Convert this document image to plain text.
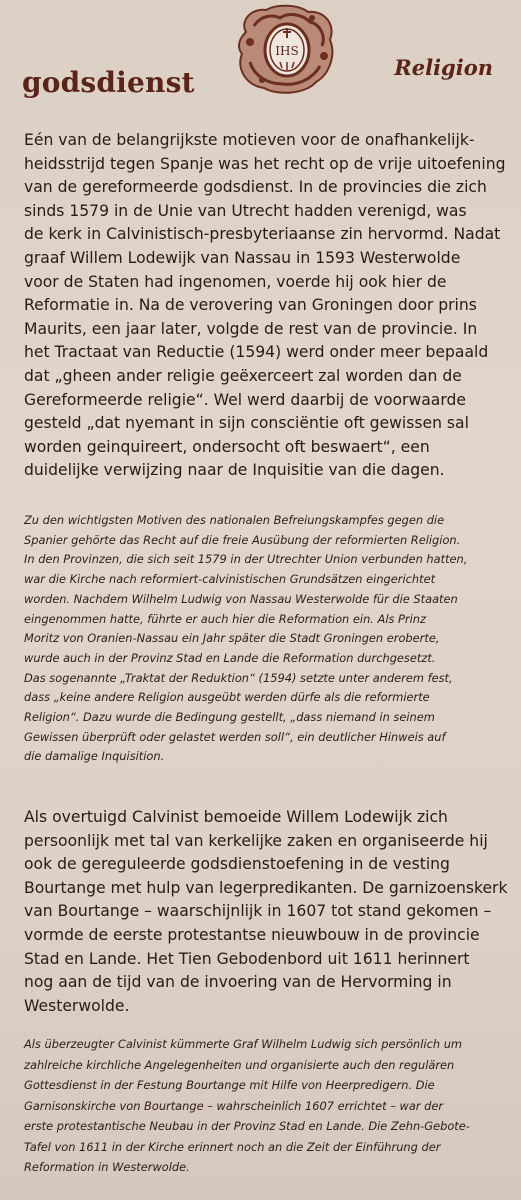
IHS
godsdienst	Religion
Eén van de belangrijkste motieven voor de onafhankelijk-
heidsstrijd tegen Spanje was het recht op de vrije uitoefening
van de gereformeerde godsdienst. In de provincies die zich
sinds 1579 in de Unie van Utrecht hadden verenigd, was
de kerk in Calvinistisch-presbyteriaanse zin hervormd. Nadat
graaf Willem Lodewijk van Nassau in 1593 Westerwolde
voor de Staten had ingenomen, voerde hij ook hier de
Reformatie in. Na de verovering van Groningen door prins
Maurits, een jaar later, volgde de rest van de provincie. In
het Tractaat van Reductie (1594) werd onder meer bepaald
dat „gheen ander religie geëxerceert zal worden dan de
Gereformeerde religie“. Wel werd daarbij de voorwaarde
gesteld „dat nyemant in sijn consciëntie oft gewissen sal
worden geinquireert, ondersocht oft beswaert“, een
duidelijke verwijzing naar de Inquisitie van die dagen.
Zu den wichtigsten Motiven des nationalen Befreiungskampfes gegen die
Spanier gehörte das Recht auf die freie Ausübung der reformierten Religion.
In den Provinzen, die sich seit 1579 in der Utrechter Union verbunden hatten,
war die Kirche nach reformiert-calvinistischen Grundsätzen eingerichtet
worden. Nachdem Wilhelm Ludwig von Nassau Westerwolde für die Staaten
eingenommen hatte, führte er auch hier die Reformation ein. Als Prinz
Moritz von Oranien-Nassau ein Jahr später die Stadt Groningen eroberte,
wurde auch in der Provinz Stad en Lande die Reformation durchgesetzt.
Das sogenannte „Traktat der Reduktion“ (1594) setzte unter anderem fest,
dass „keine andere Religion ausgeübt werden dürfe als die reformierte
Religion“. Dazu wurde die Bedingung gestellt, „dass niemand in seinem
Gewissen überprüft oder gelastet werden soll“, ein deutlicher Hinweis auf
die damalige Inquisition.
Als overtuigd Calvinist bemoeide Willem Lodewijk zich
persoonlijk met tal van kerkelijke zaken en organiseerde hij
ook de gereguleerde godsdienstoefening in de vesting
Bourtange met hulp van legerpredikanten. De garnizoenskerk
van Bourtange – waarschijnlijk in 1607 tot stand gekomen –
vormde de eerste protestantse nieuwbouw in de provincie
Stad en Lande. Het Tien Gebodenbord uit 1611 herinnert
nog aan de tijd van de invoering van de Hervorming in
Westerwolde.
Als überzeugter Calvinist kümmerte Graf Wilhelm Ludwig sich persönlich um
zahlreiche kirchliche Angelegenheiten und organisierte auch den regulären
Gottesdienst in der Festung Bourtange mit Hilfe von Heerpredigern. Die
Garnisonskirche von Bourtange – wahrscheinlich 1607 errichtet – war der
erste protestantische Neubau in der Provinz Stad en Lande. Die Zehn-Gebote-
Tafel von 1611 in der Kirche erinnert noch an die Zeit der Einführung der
Reformation in Westerwolde.
